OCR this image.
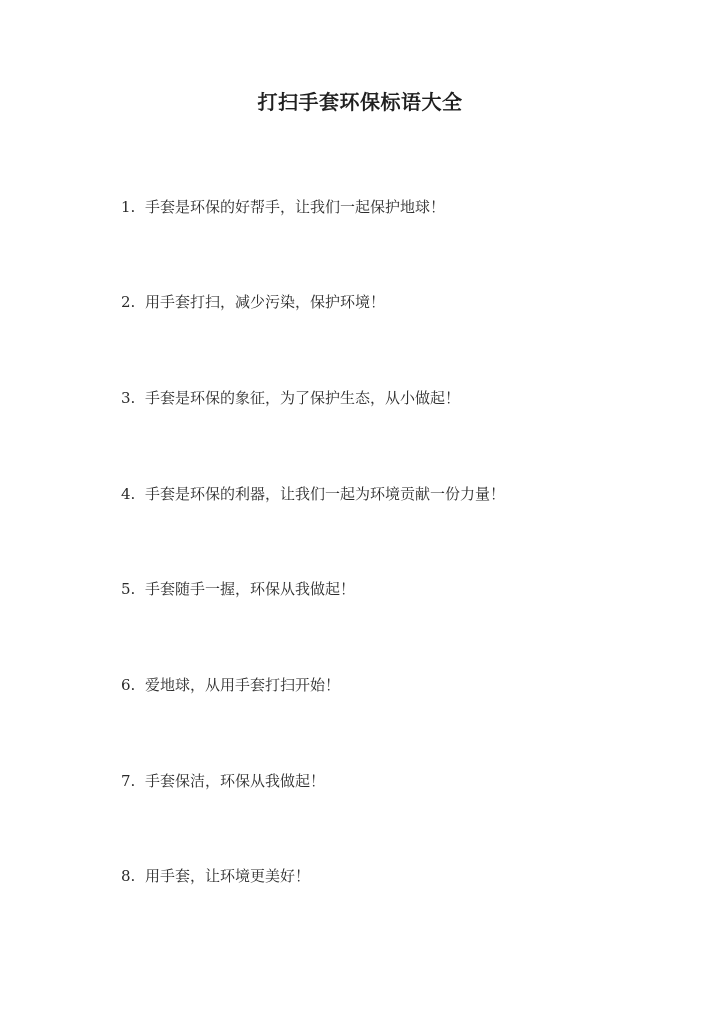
打扫手套环保标语大全
1. 手套是环保的好帮手，让我们一起保护地球！
2. 用手套打扫，减少污染，保护环境！
3. 手套是环保的象征，为了保护生态，从小做起！
4. 手套是环保的利器，让我们一起为环境贡献一份力量！
5. 手套随手一握，环保从我做起！
6. 爱地球，从用手套打扫开始！
7. 手套保洁，环保从我做起！
8. 用手套，让环境更美好！
